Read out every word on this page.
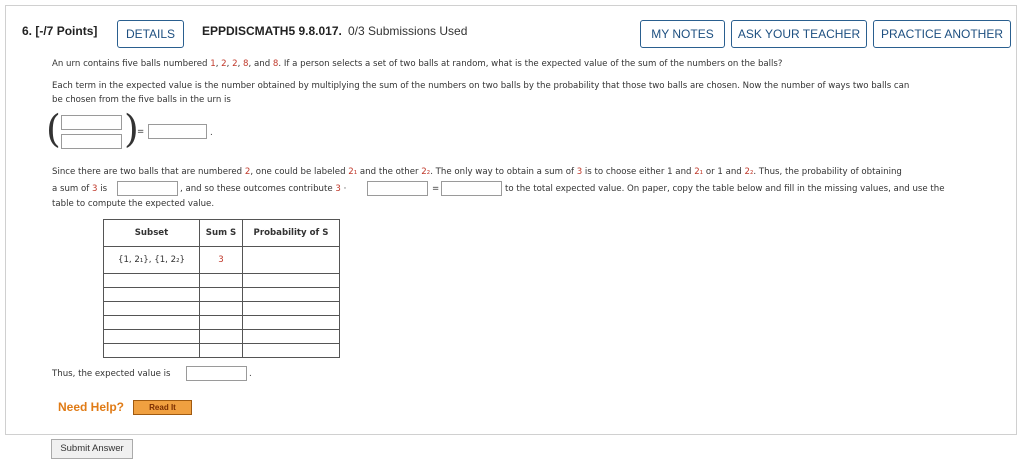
6. [-/7 Points]	DETAILS	EPPDISCMATH5 9.8.017. 0/3 Submissions Used	MY NOTES	ASK YOUR TEACHER	PRACTICE ANOTHER
An urn contains five balls numbered 1, 2, 2, 8, and 8. If a person selects a set of two balls at random, what is the expected value of the sum of the numbers on the balls?
Each term in the expected value is the number obtained by multiplying the sum of the numbers on two balls by the probability that those two balls are chosen. Now the number of ways two balls can
be chosen from the five balls in the urn is
( )
=	.
Since there are two balls that are numbered 2, one could be labeled 2₁ and the other 2₂. The only way to obtain a sum of 3 is to choose either 1 and 2₁ or 1 and 2₂. Thus, the probability of obtaining
a sum of 3 is	, and so these outcomes contribute 3 ·	=	to the total expected value. On paper, copy the table below and fill in the missing values, and use the
table to compute the expected value.
Subset	Sum S	Probability of S
{1, 2₁}, {1, 2₂}	3	

Thus, the expected value is	.
Need Help?	Read It
Submit Answer
